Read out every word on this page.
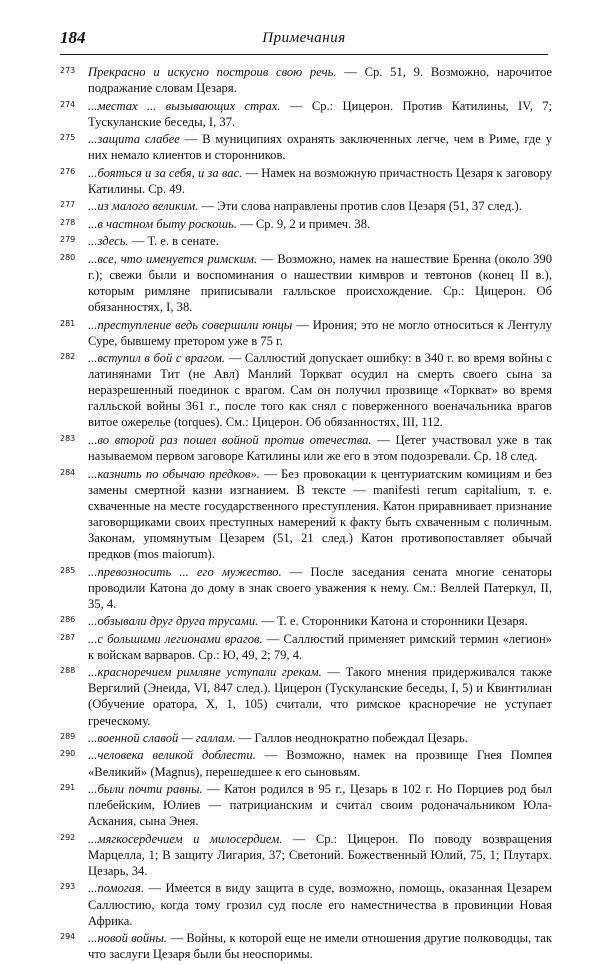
184	Примечания
273 Прекрасно и искусно построив свою речь. — Ср. 51, 9. Возможно, нарочитое подражание словам Цезаря.
274 ...местах ... вызывающих страх. — Ср.: Цицерон. Против Катилины, IV, 7; Тускуланские беседы, I, 37.
275 ...защита слабее — В муниципиях охранять заключенных легче, чем в Риме, где у них немало клиентов и сторонников.
276 ...бояться и за себя, и за вас. — Намек на возможную причастность Цезаря к заговору Катилины. Ср. 49.
277 ...из малого великим. — Эти слова направлены против слов Цезаря (51, 37 след.).
278 ...в частном быту роскошь. — Ср. 9, 2 и примеч. 38.
279 ...здесь. — Т. е. в сенате.
280 ...все, что именуется римским. — Возможно, намек на нашествие Бренна (около 390 г.); свежи были и воспоминания о нашествии кимвров и тевтонов (конец II в.), которым римляне приписывали галльское происхождение. Ср.: Цицерон. Об обязанностях, I, 38.
281 ...преступление ведь совершили юнцы — Ирония; это не могло относиться к Лентулу Суре, бывшему претором уже в 75 г.
282 ...вступил в бой с врагом. — Саллюстий допускает ошибку: в 340 г. во время войны с латинянами Тит (не Авл) Манлий Торкват осудил на смерть своего сына за неразрешенный поединок с врагом. Сам он получил прозвище «Торкват» во время галльской войны 361 г., после того как снял с поверженного военачальника врагов витое ожерелье (torques). См.: Цицерон. Об обязанностях, III, 112.
283 ...во второй раз пошел войной против отечества. — Цетег участвовал уже в так называемом первом заговоре Катилины или же его в этом подозревали. Ср. 18 след.
284 ...казнить по обычаю предков». — Без провокации к центуриатским комициям и без замены смертной казни изгнанием. В тексте — manifesti rerum capitalium, т. е. схваченные на месте государственного преступления. Катон приравнивает признание заговорщиками своих преступных намерений к факту быть схваченным с поличным. Законам, упомянутым Цезарем (51, 21 след.) Катон противопоставляет обычай предков (mos maiorum).
285 ...превозносить ... его мужество. — После заседания сената многие сенаторы проводили Катона до дому в знак своего уважения к нему. См.: Веллей Патеркул, II, 35, 4.
286 ...обзывали друг друга трусами. — Т. е. Сторонники Катона и сторонники Цезаря.
287 ...с большими легионами врагов. — Саллюстий применяет римский термин «легион» к войскам варваров. Ср.: Ю, 49, 2; 79, 4.
288 ...красноречием римляне уступали грекам. — Такого мнения придерживался также Вергилий (Энеида, VI, 847 след.). Цицерон (Тускуланские беседы, I, 5) и Квинтилиан (Обучение оратора, X, 1, 105) считали, что римское красноречие не уступает греческому.
289 ...военной славой — галлам. — Галлов неоднократно побеждал Цезарь.
290 ...человека великой доблести. — Возможно, намек на прозвище Гнея Помпея «Великий» (Magnus), перешедшее к его сыновьям.
291 ...были почти равны. — Катон родился в 95 г., Цезарь в 102 г. Но Порциев род был плебейским, Юлиев — патрицианским и считал своим родоначальником Юла-Аскания, сына Энея.
292 ...мягкосердечием и милосердием. — Ср.: Цицерон. По поводу возвращения Марцелла, 1; В защиту Лигария, 37; Светоний. Божественный Юлий, 75, 1; Плутарх. Цезарь, 34.
293 ...помогая. — Имеется в виду защита в суде, возможно, помощь, оказанная Цезарем Саллюстию, когда тому грозил суд после его наместничества в провинции Новая Африка.
294 ...новой войны. — Войны, к которой еще не имели отношения другие полководцы, так что заслуги Цезаря были бы неоспоримы.
